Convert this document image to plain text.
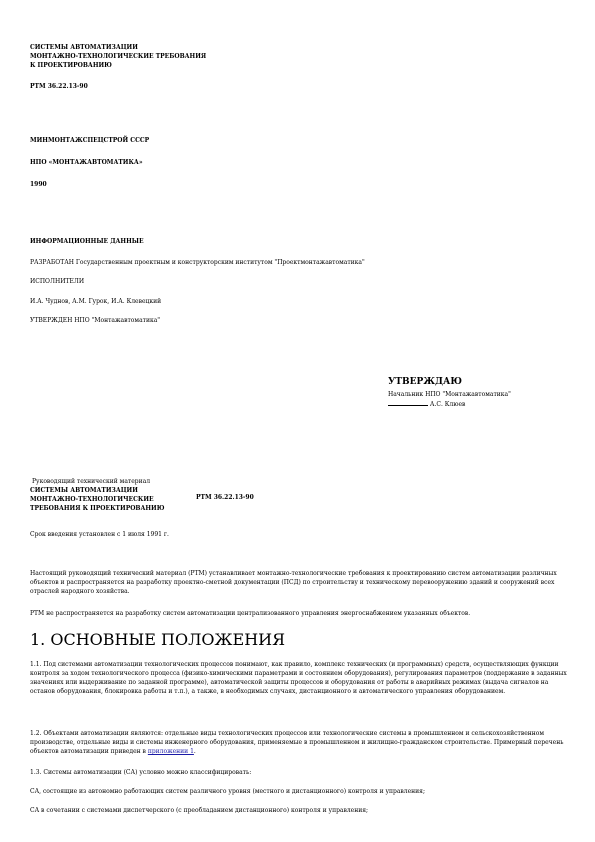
СИСТЕМЫ АВТОМАТИЗАЦИИ
МОНТАЖНО-ТЕХНОЛОГИЧЕСКИЕ ТРЕБОВАНИЯ
К ПРОЕКТИРОВАНИЮ
РТМ 36.22.13-90
МИНМОНТАЖСПЕЦСТРОЙ СССР
НПО «МОНТАЖАВТОМАТИКА»
1990
ИНФОРМАЦИОННЫЕ ДАННЫЕ
РАЗРАБОТАН Государственным проектным и конструкторским институтом "Проектмонтажавтоматика"
ИСПОЛНИТЕЛИ
И.А. Чуднов, А.М. Гурок, И.А. Клевецкий
УТВЕРЖДЕН НПО "Монтажавтоматика"
УТВЕРЖДАЮ
Начальник НПО "Монтажавтоматика"
А.С. Клюев
Руководящий технический материал
СИСТЕМЫ АВТОМАТИЗАЦИИ
МОНТАЖНО-ТЕХНОЛОГИЧЕСКИЕ
ТРЕБОВАНИЯ К ПРОЕКТИРОВАНИЮ
РТМ 36.22.13-90
Срок введения установлен с 1 июля 1991 г.
Настоящий руководящий технический материал (РТМ) устанавливает монтажно-технологические требования к проектированию систем автоматизации различных объектов и распространяется на разработку проектно-сметной документации (ПСД) по строительству и техническому перевооружению зданий и сооружений всех отраслей народного хозяйства.
РТМ не распространяется на разработку систем автоматизации централизованного управления энергоснабжением указанных объектов.
1. ОСНОВНЫЕ ПОЛОЖЕНИЯ
1.1. Под системами автоматизации технологических процессов понимают, как правило, комплекс технических (и программных) средств, осуществляющих функции контроля за ходом технологического процесса (физико-химическими параметрами и состоянием оборудования), регулирования параметров (поддержание в заданных значениях или выдерживание по заданной программе), автоматической защиты процессов и оборудования от работы в аварийных режимах (выдача сигналов на останов оборудования, блокировка работы и т.п.), а также, в необходимых случаях, дистанционного и автоматического управления оборудованием.
1.2. Объектами автоматизации являются: отдельные виды технологических процессов или технологические системы в промышленном и сельскохозяйственном производстве, отдельные виды и системы инженерного оборудования, применяемые в промышленном и жилищно-гражданском строительстве. Примерный перечень объектов автоматизации приведен в приложении 1.
1.3. Системы автоматизации (СА) условно можно классифицировать:
СА, состоящие из автономно работающих систем различного уровня (местного и дистанционного) контроля и управления;
СА в сочетании с системами диспетчерского (с преобладанием дистанционного) контроля и управления;
